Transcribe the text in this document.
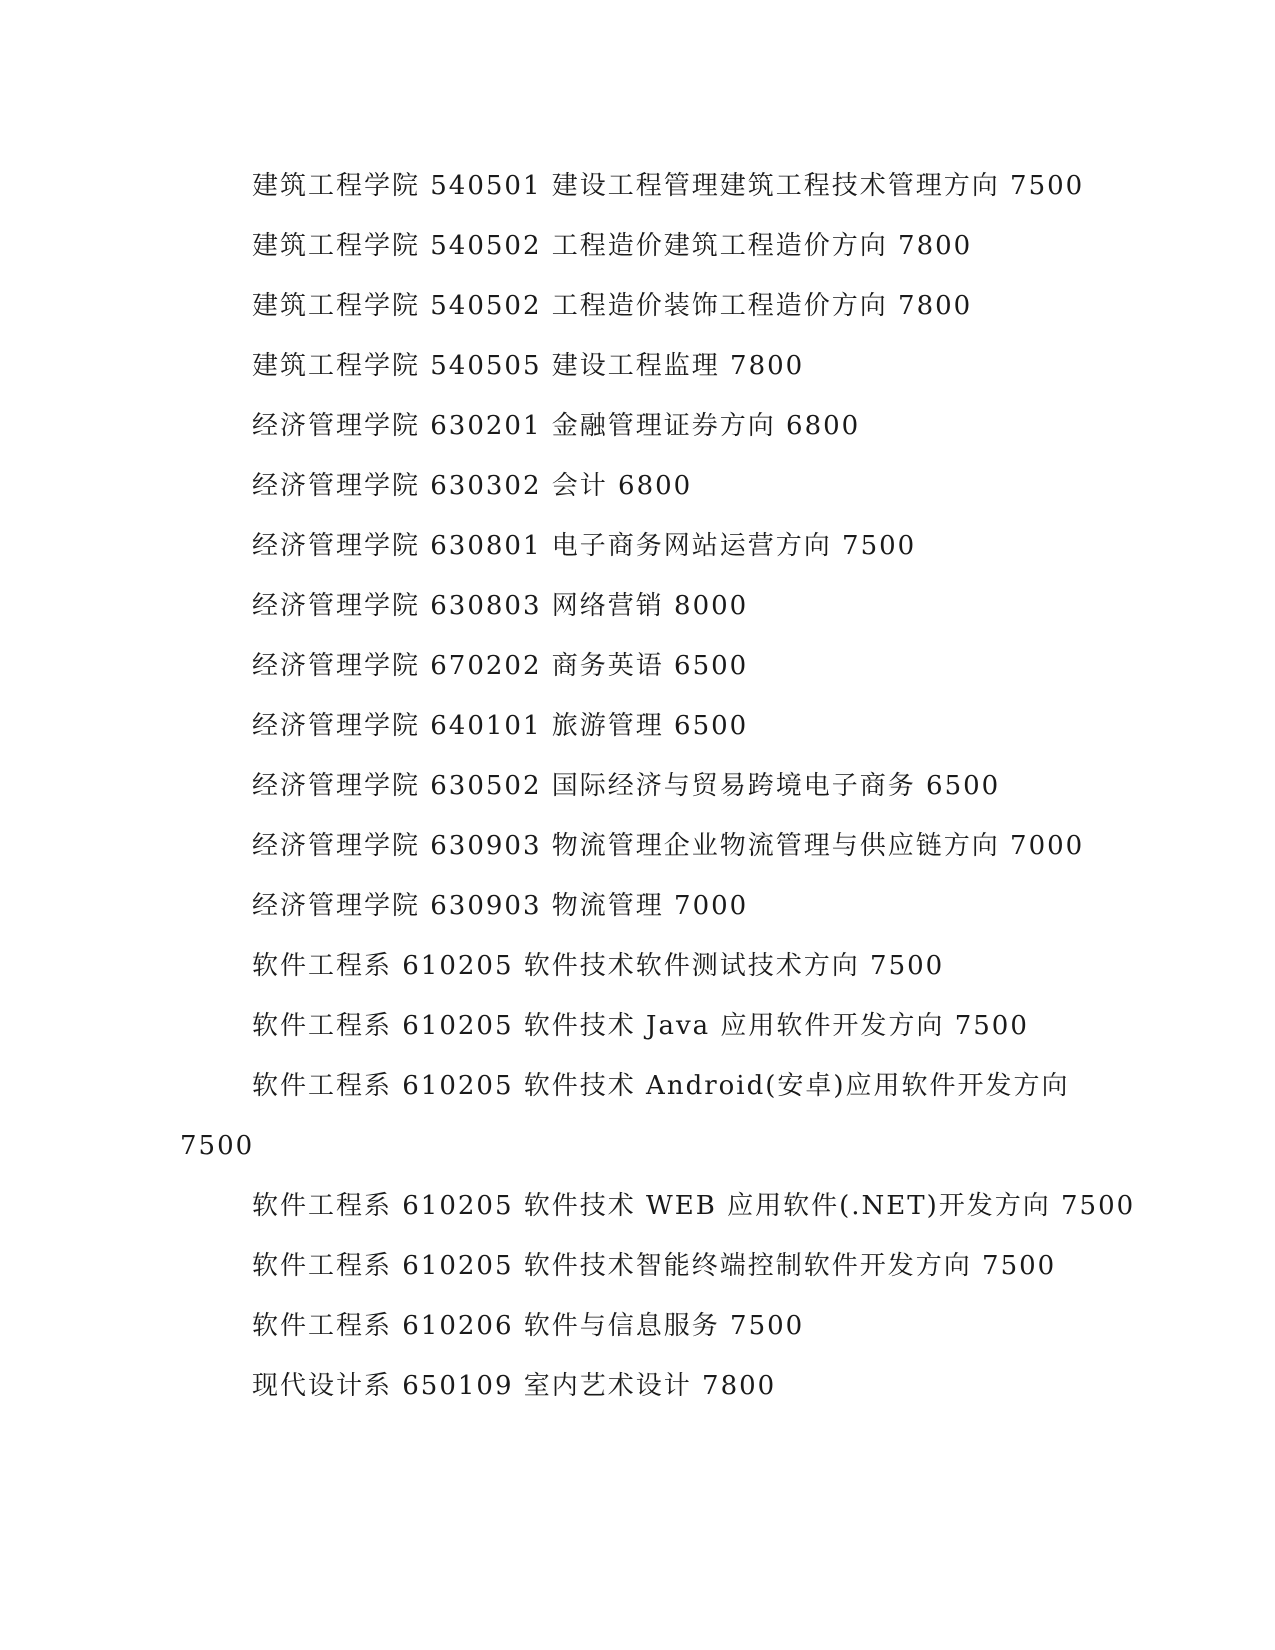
建筑工程学院 540501 建设工程管理建筑工程技术管理方向 7500
建筑工程学院 540502 工程造价建筑工程造价方向 7800
建筑工程学院 540502 工程造价装饰工程造价方向 7800
建筑工程学院 540505 建设工程监理 7800
经济管理学院 630201 金融管理证券方向 6800
经济管理学院 630302 会计 6800
经济管理学院 630801 电子商务网站运营方向 7500
经济管理学院 630803 网络营销 8000
经济管理学院 670202 商务英语 6500
经济管理学院 640101 旅游管理 6500
经济管理学院 630502 国际经济与贸易跨境电子商务 6500
经济管理学院 630903 物流管理企业物流管理与供应链方向 7000
经济管理学院 630903 物流管理 7000
软件工程系 610205 软件技术软件测试技术方向 7500
软件工程系 610205 软件技术 Java 应用软件开发方向 7500
软件工程系 610205 软件技术 Android(安卓)应用软件开发方向
7500
软件工程系 610205 软件技术 WEB 应用软件(.NET)开发方向 7500
软件工程系 610205 软件技术智能终端控制软件开发方向 7500
软件工程系 610206 软件与信息服务 7500
现代设计系 650109 室内艺术设计 7800
